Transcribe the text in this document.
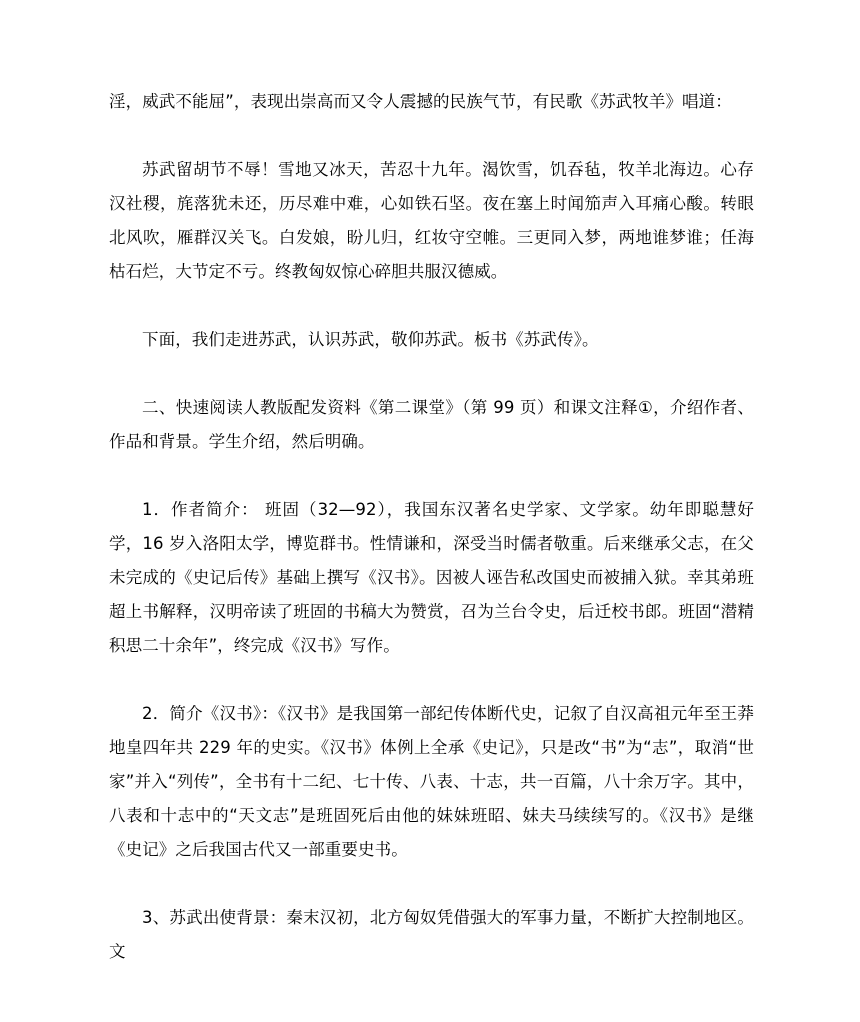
淫，威武不能屈”，表现出崇高而又令人震撼的民族气节，有民歌《苏武牧羊》唱道：

苏武留胡节不辱！雪地又冰天，苦忍十九年。渴饮雪，饥吞毡，牧羊北海边。心存汉社稷，旄落犹未还，历尽难中难，心如铁石坚。夜在塞上时闻笳声入耳痛心酸。转眼北风吹，雁群汉关飞。白发娘，盼儿归，红妆守空帷。三更同入梦，两地谁梦谁；任海枯石烂，大节定不亏。终教匈奴惊心碎胆共服汉德威。

下面，我们走进苏武，认识苏武，敬仰苏武。板书《苏武传》。

二、快速阅读人教版配发资料《第二课堂》（第 99 页）和课文注释①，介绍作者、作品和背景。学生介绍，然后明确。

1．作者简介： 班固（32—92），我国东汉著名史学家、文学家。幼年即聪慧好学，16 岁入洛阳太学，博览群书。性情谦和，深受当时儒者敬重。后来继承父志，在父未完成的《史记后传》基础上撰写《汉书》。因被人诬告私改国史而被捕入狱。幸其弟班超上书解释，汉明帝读了班固的书稿大为赞赏，召为兰台令史，后迁校书郎。班固“潜精积思二十余年”，终完成《汉书》写作。

2．简介《汉书》：《汉书》是我国第一部纪传体断代史，记叙了自汉高祖元年至王莽地皇四年共 229 年的史实。《汉书》体例上全承《史记》，只是改“书”为“志”，取消“世家”并入“列传”，全书有十二纪、七十传、八表、十志，共一百篇，八十余万字。其中，八表和十志中的“天文志”是班固死后由他的妹妹班昭、妹夫马续续写的。《汉书》是继《史记》之后我国古代又一部重要史书。

3、苏武出使背景：秦末汉初，北方匈奴凭借强大的军事力量，不断扩大控制地区。文
